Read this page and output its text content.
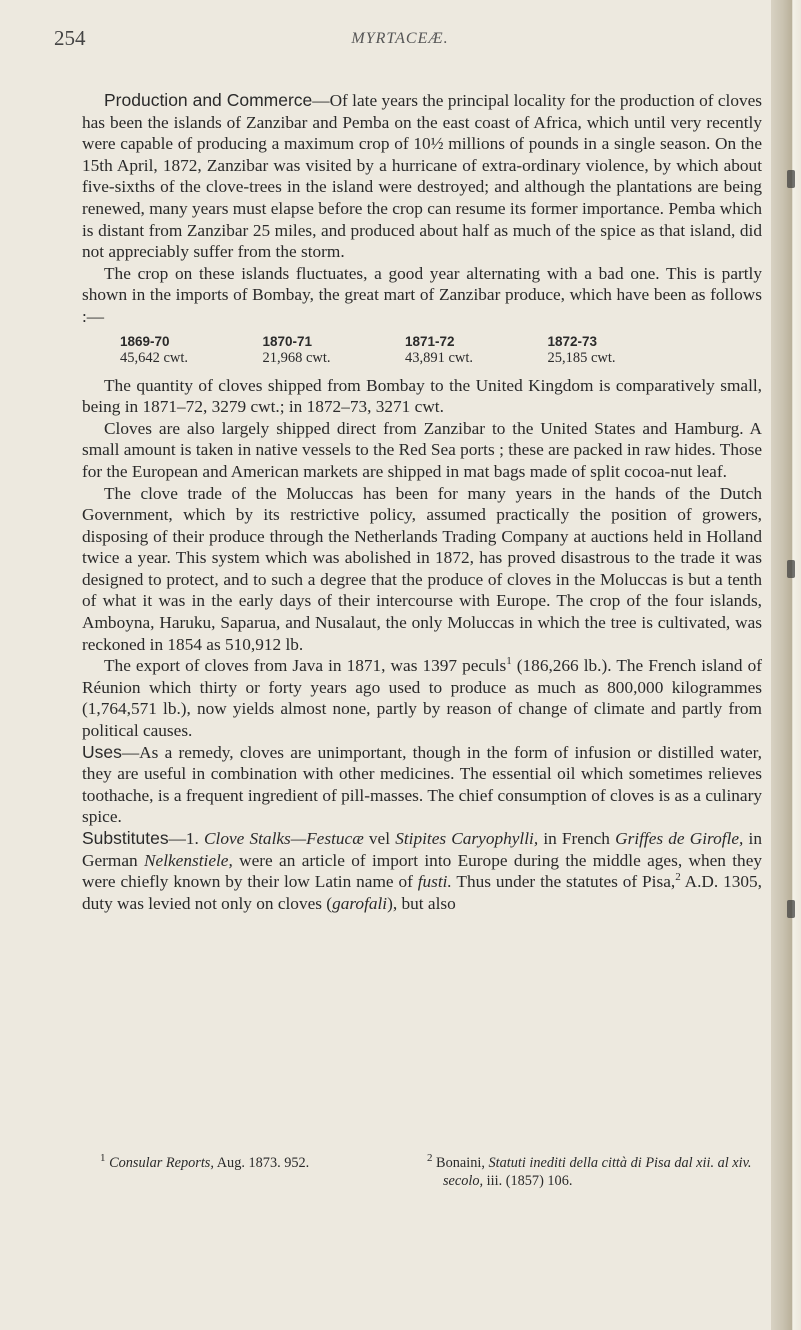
254	MYRTACEÆ.

Production and Commerce—Of late years the principal locality for the production of cloves has been the islands of Zanzibar and Pemba on the east coast of Africa, which until very recently were capable of producing a maximum crop of 10½ millions of pounds in a single season. On the 15th April, 1872, Zanzibar was visited by a hurricane of extra-ordinary violence, by which about five-sixths of the clove-trees in the island were destroyed; and although the plantations are being renewed, many years must elapse before the crop can resume its former importance. Pemba which is distant from Zanzibar 25 miles, and produced about half as much of the spice as that island, did not appreciably suffer from the storm.

The crop on these islands fluctuates, a good year alternating with a bad one. This is partly shown in the imports of Bombay, the great mart of Zanzibar produce, which have been as follows :—

1869-70
45,642 cwt.
1870-71
21,968 cwt.
1871-72
43,891 cwt.
1872-73
25,185 cwt.

The quantity of cloves shipped from Bombay to the United Kingdom is comparatively small, being in 1871–72, 3279 cwt.; in 1872–73, 3271 cwt.

Cloves are also largely shipped direct from Zanzibar to the United States and Hamburg. A small amount is taken in native vessels to the Red Sea ports ; these are packed in raw hides. Those for the European and American markets are shipped in mat bags made of split cocoa-nut leaf.

The clove trade of the Moluccas has been for many years in the hands of the Dutch Government, which by its restrictive policy, assumed practically the position of growers, disposing of their produce through the Netherlands Trading Company at auctions held in Holland twice a year. This system which was abolished in 1872, has proved disastrous to the trade it was designed to protect, and to such a degree that the produce of cloves in the Moluccas is but a tenth of what it was in the early days of their intercourse with Europe. The crop of the four islands, Amboyna, Haruku, Saparua, and Nusalaut, the only Moluccas in which the tree is cultivated, was reckoned in 1854 as 510,912 lb.

The export of cloves from Java in 1871, was 1397 peculs$^1$ (186,266 lb.). The French island of Réunion which thirty or forty years ago used to produce as much as 800,000 kilogrammes (1,764,571 lb.), now yields almost none, partly by reason of change of climate and partly from political causes.

Uses—As a remedy, cloves are unimportant, though in the form of infusion or distilled water, they are useful in combination with other medicines. The essential oil which sometimes relieves toothache, is a frequent ingredient of pill-masses. The chief consumption of cloves is as a culinary spice.

Substitutes—1. Clove Stalks—Festucæ vel Stipites Caryophylli, in French Griffes de Girofle, in German Nelkenstiele, were an article of import into Europe during the middle ages, when they were chiefly known by their low Latin name of fusti. Thus under the statutes of Pisa,$^2$ A.D. 1305, duty was levied not only on cloves (garofali), but also

$^1$ Consular Reports, Aug. 1873. 952.	$^2$ Bonaini, Statuti inediti della città di Pisa dal xii. al xiv. secolo, iii. (1857) 106.
